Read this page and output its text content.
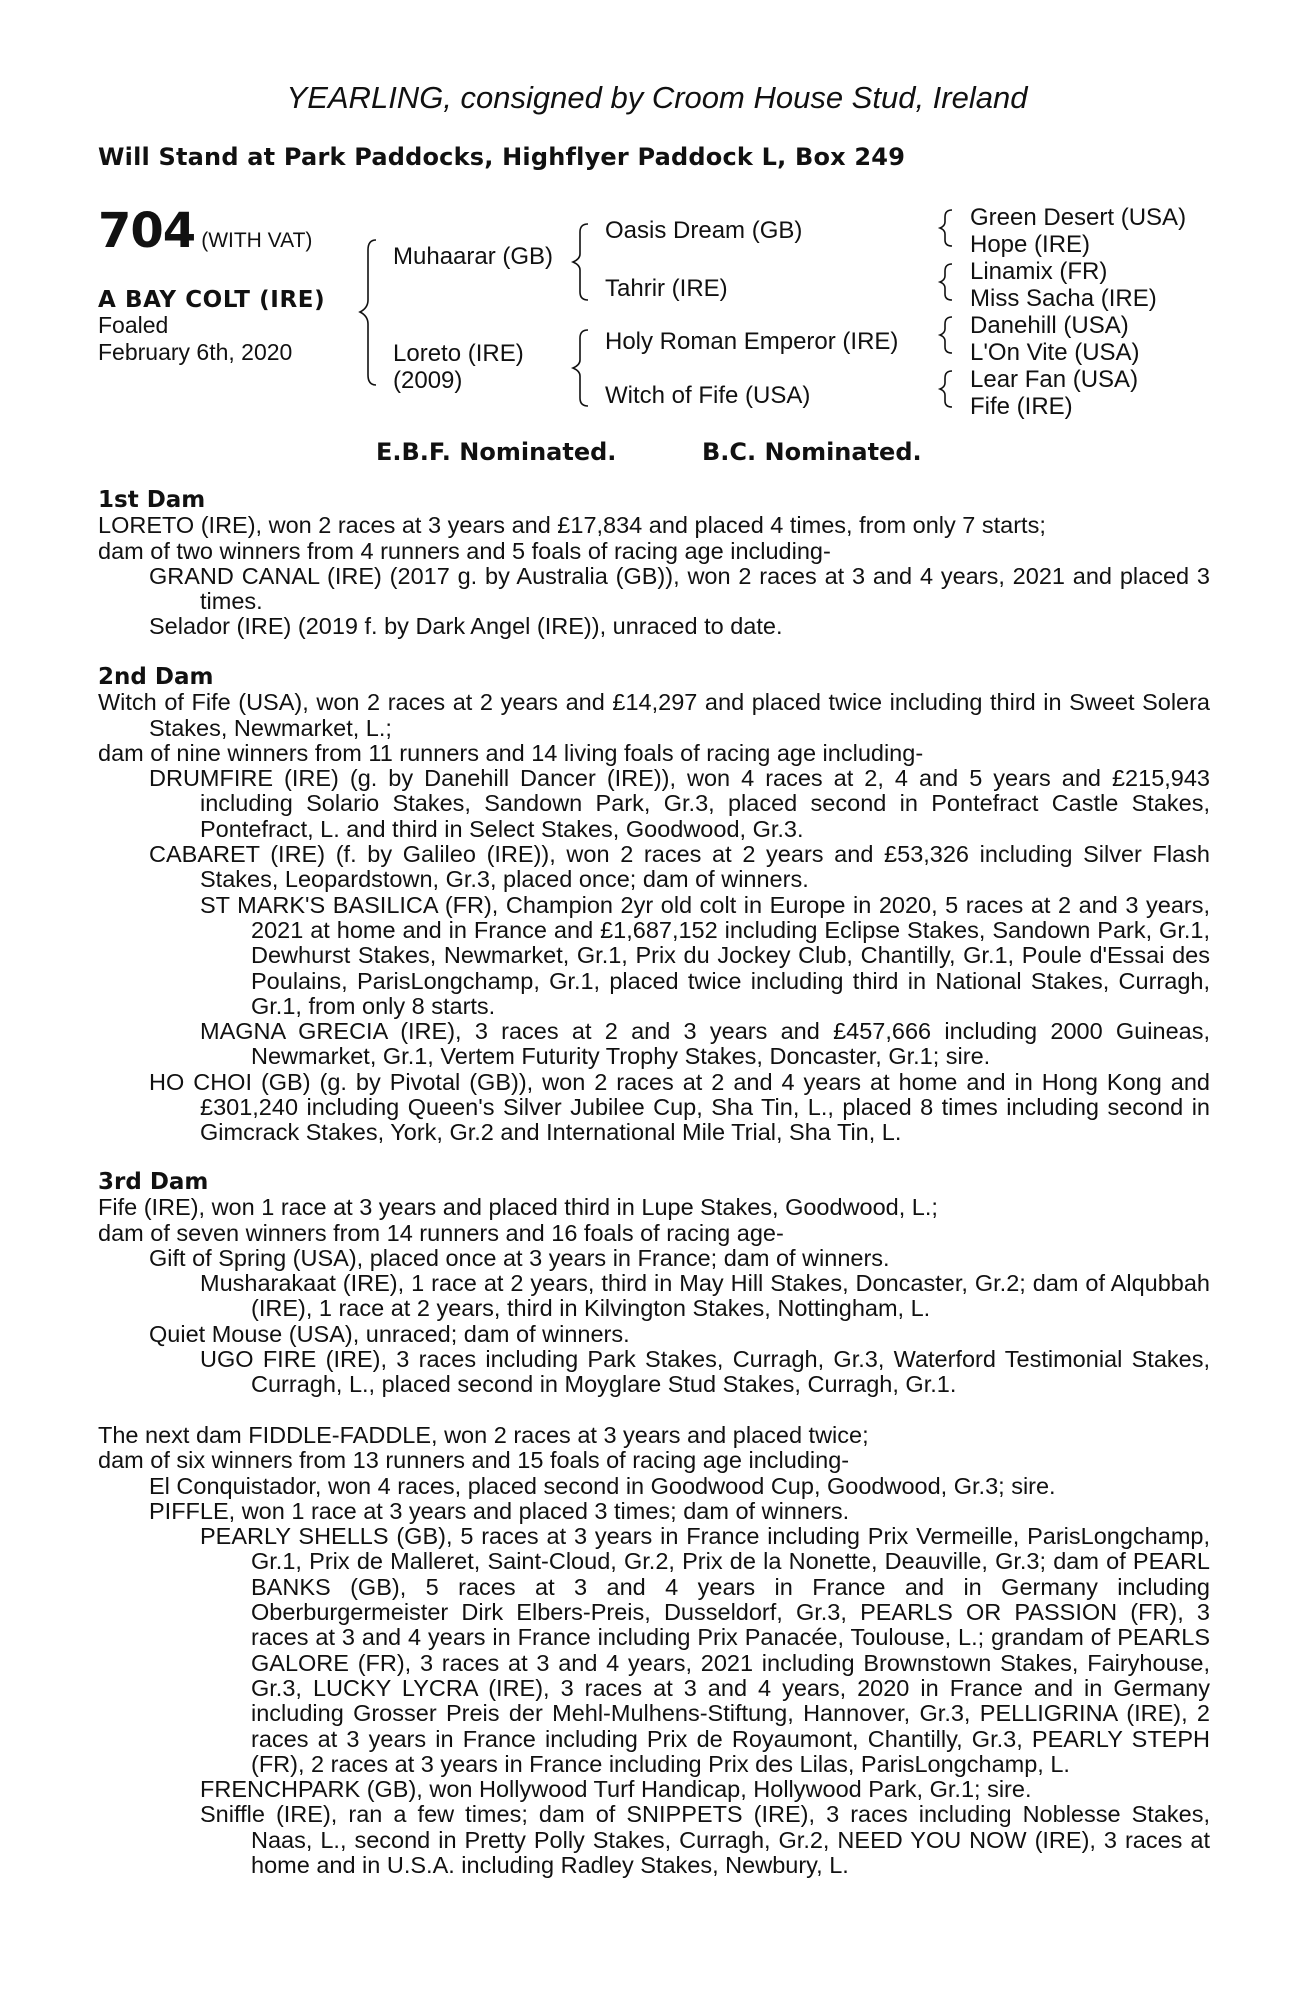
YEARLING, consigned by Croom House Stud, Ireland
Will Stand at Park Paddocks, Highflyer Paddock L, Box 249
704 (WITH VAT)
A BAY COLT (IRE)
Foaled
February 6th, 2020
Muhaarar (GB)
Loreto (IRE)
(2009)
Oasis Dream (GB)
Tahrir (IRE)
Holy Roman Emperor (IRE)
Witch of Fife (USA)
Green Desert (USA)
Hope (IRE)
Linamix (FR)
Miss Sacha (IRE)
Danehill (USA)
L'On Vite (USA)
Lear Fan (USA)
Fife (IRE)
E.B.F. Nominated.	B.C. Nominated.
1st Dam

LORETO (IRE), won 2 races at 3 years and £17,834 and placed 4 times, from only 7 starts;

dam of two winners from 4 runners and 5 foals of racing age including-

GRAND CANAL (IRE) (2017 g. by Australia (GB)), won 2 races at 3 and 4 years, 2021 and placed 3 times.

Selador (IRE) (2019 f. by Dark Angel (IRE)), unraced to date.

2nd Dam

Witch of Fife (USA), won 2 races at 2 years and £14,297 and placed twice including third in Sweet Solera Stakes, Newmarket, L.;

dam of nine winners from 11 runners and 14 living foals of racing age including-

DRUMFIRE (IRE) (g. by Danehill Dancer (IRE)), won 4 races at 2, 4 and 5 years and £215,943 including Solario Stakes, Sandown Park, Gr.3, placed second in Pontefract Castle Stakes, Pontefract, L. and third in Select Stakes, Goodwood, Gr.3.

CABARET (IRE) (f. by Galileo (IRE)), won 2 races at 2 years and £53,326 including Silver Flash Stakes, Leopardstown, Gr.3, placed once; dam of winners.

ST MARK'S BASILICA (FR), Champion 2yr old colt in Europe in 2020, 5 races at 2 and 3 years, 2021 at home and in France and £1,687,152 including Eclipse Stakes, Sandown Park, Gr.1, Dewhurst Stakes, Newmarket, Gr.1, Prix du Jockey Club, Chantilly, Gr.1, Poule d'Essai des Poulains, ParisLongchamp, Gr.1, placed twice including third in National Stakes, Curragh, Gr.1, from only 8 starts.

MAGNA GRECIA (IRE), 3 races at 2 and 3 years and £457,666 including 2000 Guineas, Newmarket, Gr.1, Vertem Futurity Trophy Stakes, Doncaster, Gr.1; sire.

HO CHOI (GB) (g. by Pivotal (GB)), won 2 races at 2 and 4 years at home and in Hong Kong and £301,240 including Queen's Silver Jubilee Cup, Sha Tin, L., placed 8 times including second in Gimcrack Stakes, York, Gr.2 and International Mile Trial, Sha Tin, L.

3rd Dam

Fife (IRE), won 1 race at 3 years and placed third in Lupe Stakes, Goodwood, L.;

dam of seven winners from 14 runners and 16 foals of racing age-

Gift of Spring (USA), placed once at 3 years in France; dam of winners.

Musharakaat (IRE), 1 race at 2 years, third in May Hill Stakes, Doncaster, Gr.2; dam of Alqubbah (IRE), 1 race at 2 years, third in Kilvington Stakes, Nottingham, L.

Quiet Mouse (USA), unraced; dam of winners.

UGO FIRE (IRE), 3 races including Park Stakes, Curragh, Gr.3, Waterford Testimonial Stakes, Curragh, L., placed second in Moyglare Stud Stakes, Curragh, Gr.1.

The next dam FIDDLE-FADDLE, won 2 races at 3 years and placed twice;

dam of six winners from 13 runners and 15 foals of racing age including-

El Conquistador, won 4 races, placed second in Goodwood Cup, Goodwood, Gr.3; sire.

PIFFLE, won 1 race at 3 years and placed 3 times; dam of winners.

PEARLY SHELLS (GB), 5 races at 3 years in France including Prix Vermeille, ParisLongchamp, Gr.1, Prix de Malleret, Saint-Cloud, Gr.2, Prix de la Nonette, Deauville, Gr.3; dam of PEARL BANKS (GB), 5 races at 3 and 4 years in France and in Germany including Oberburgermeister Dirk Elbers-Preis, Dusseldorf, Gr.3, PEARLS OR PASSION (FR), 3 races at 3 and 4 years in France including Prix Panacée, Toulouse, L.; grandam of PEARLS GALORE (FR), 3 races at 3 and 4 years, 2021 including Brownstown Stakes, Fairyhouse, Gr.3, LUCKY LYCRA (IRE), 3 races at 3 and 4 years, 2020 in France and in Germany including Grosser Preis der Mehl-Mulhens-Stiftung, Hannover, Gr.3, PELLIGRINA (IRE), 2 races at 3 years in France including Prix de Royaumont, Chantilly, Gr.3, PEARLY STEPH (FR), 2 races at 3 years in France including Prix des Lilas, ParisLongchamp, L.

FRENCHPARK (GB), won Hollywood Turf Handicap, Hollywood Park, Gr.1; sire.

Sniffle (IRE), ran a few times; dam of SNIPPETS (IRE), 3 races including Noblesse Stakes, Naas, L., second in Pretty Polly Stakes, Curragh, Gr.2, NEED YOU NOW (IRE), 3 races at home and in U.S.A. including Radley Stakes, Newbury, L.
